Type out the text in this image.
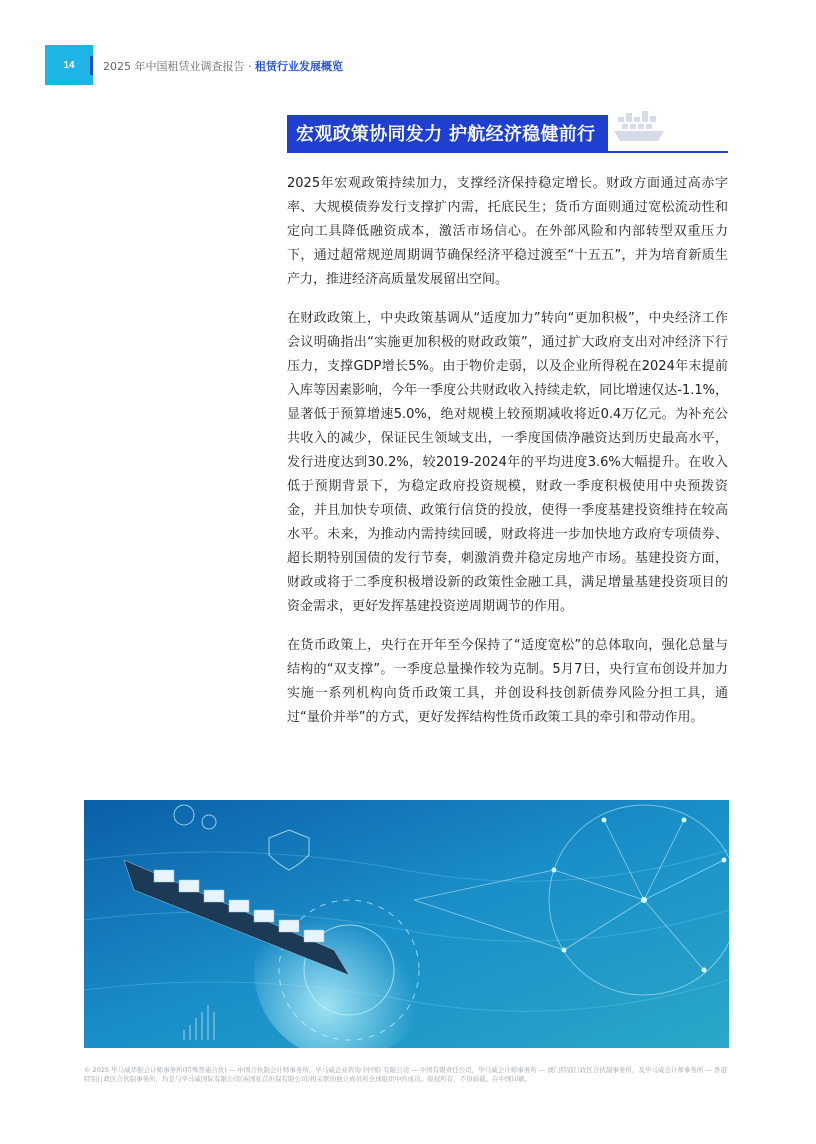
14	2025 年中国租赁业调查报告 · 租赁行业发展概览
宏观政策协同发力 护航经济稳健前行

2025年宏观政策持续加力，支撑经济保持稳定增长。财政方面通过高赤字率、大规模债券发行支撑扩内需，托底民生；货币方面则通过宽松流动性和定向工具降低融资成本，激活市场信心。在外部风险和内部转型双重压力下，通过超常规逆周期调节确保经济平稳过渡至“十五五”，并为培育新质生产力，推进经济高质量发展留出空间。

在财政政策上，中央政策基调从“适度加力”转向“更加积极”，中央经济工作会议明确指出“实施更加积极的财政政策”，通过扩大政府支出对冲经济下行压力，支撑GDP增长5%。由于物价走弱，以及企业所得税在2024年末提前入库等因素影响，今年一季度公共财政收入持续走软，同比增速仅达-1.1%，显著低于预算增速5.0%，绝对规模上较预期减收将近0.4万亿元。为补充公共收入的减少，保证民生领域支出，一季度国债净融资达到历史最高水平，发行进度达到30.2%，较2019-2024年的平均进度3.6%大幅提升。在收入低于预期背景下，为稳定政府投资规模，财政一季度积极使用中央预拨资金，并且加快专项债、政策行信贷的投放，使得一季度基建投资维持在较高水平。未来，为推动内需持续回暖，财政将进一步加快地方政府专项债券、超长期特别国债的发行节奏，刺激消费并稳定房地产市场。基建投资方面，财政或将于二季度积极增设新的政策性金融工具，满足增量基建投资项目的资金需求，更好发挥基建投资逆周期调节的作用。

在货币政策上，央行在开年至今保持了“适度宽松”的总体取向，强化总量与结构的“双支撑”。一季度总量操作较为克制。5月7日，央行宣布创设并加力实施一系列机构向货币政策工具，并创设科技创新债券风险分担工具，通过“量价并举”的方式，更好发挥结构性货币政策工具的牵引和带动作用。

© 2025 毕马威华振会计师事务所(特殊普通合伙) — 中国合伙制会计师事务所，毕马威企业咨询 (中国) 有限公司 — 中国有限责任公司，毕马威会计师事务所 — 澳门特别行政区合伙制事务所，及毕马威会计师事务所 — 香港特别行政区合伙制事务所，均是与毕马威国际有限公司(英国私营担保有限公司)相关联的独立成员所全球组织中的成员。版权所有，不得转载。在中国印刷。
